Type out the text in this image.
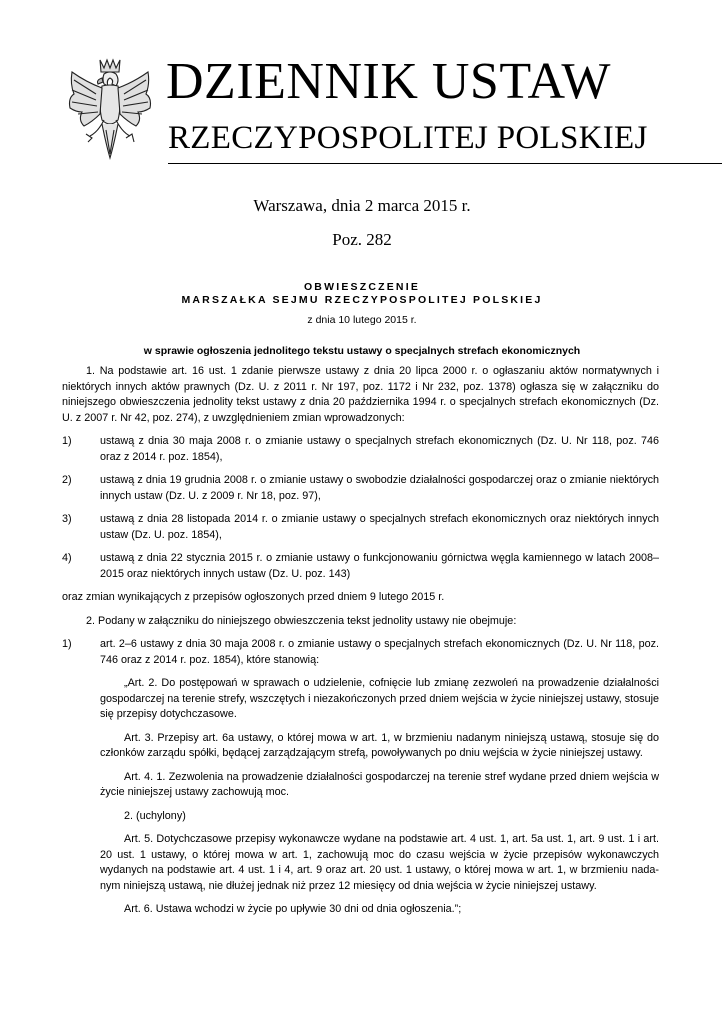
DZIENNIK USTAW
RZECZYPOSPOLITEJ POLSKIEJ
Warszawa, dnia 2 marca 2015 r.
Poz. 282
OBWIESZCZENIE
MARSZAŁKA SEJMU RZECZYPOSPOLITEJ POLSKIEJ
z dnia 10 lutego 2015 r.
w sprawie ogłoszenia jednolitego tekstu ustawy o specjalnych strefach ekonomicznych

1. Na podstawie art. 16 ust. 1 zdanie pierwsze ustawy z dnia 20 lipca 2000 r. o ogłaszaniu aktów normatywnych i niektórych innych aktów prawnych (Dz. U. z 2011 r. Nr 197, poz. 1172 i Nr 232, poz. 1378) ogłasza się w załączniku do niniejszego obwieszczenia jednolity tekst ustawy z dnia 20 października 1994 r. o specjalnych strefach ekonomicznych (Dz. U. z 2007 r. Nr 42, poz. 274), z uwzględnieniem zmian wprowadzonych:

1)	ustawą z dnia 30 maja 2008 r. o zmianie ustawy o specjalnych strefach ekonomicznych (Dz. U. Nr 118, poz. 746 oraz z 2014 r. poz. 1854),

2)	ustawą z dnia 19 grudnia 2008 r. o zmianie ustawy o swobodzie działalności gospodarczej oraz o zmianie niektórych innych ustaw (Dz. U. z 2009 r. Nr 18, poz. 97),

3)	ustawą z dnia 28 listopada 2014 r. o zmianie ustawy o specjalnych strefach ekonomicznych oraz niektórych innych ustaw (Dz. U. poz. 1854),

4)	ustawą z dnia 22 stycznia 2015 r. o zmianie ustawy o funkcjonowaniu górnictwa węgla kamiennego w latach 2008–2015 oraz niektórych innych ustaw (Dz. U. poz. 143)

oraz zmian wynikających z przepisów ogłoszonych przed dniem 9 lutego 2015 r.

2. Podany w załączniku do niniejszego obwieszczenia tekst jednolity ustawy nie obejmuje:

1)	art. 2–6 ustawy z dnia 30 maja 2008 r. o zmianie ustawy o specjalnych strefach ekonomicznych (Dz. U. Nr 118, poz. 746 oraz z 2014 r. poz. 1854), które stanowią:

„Art. 2. Do postępowań w sprawach o udzielenie, cofnięcie lub zmianę zezwoleń na prowadzenie działalności gospodarczej na terenie strefy, wszczętych i niezakończonych przed dniem wejścia w życie niniejszej ustawy, stosuje się przepisy dotychczasowe.

Art. 3. Przepisy art. 6a ustawy, o której mowa w art. 1, w brzmieniu nadanym niniejszą ustawą, stosuje się do członków zarządu spółki, będącej zarządzającym strefą, powoływanych po dniu wejścia w życie niniejszej ustawy.

Art. 4. 1. Zezwolenia na prowadzenie działalności gospodarczej na terenie stref wydane przed dniem wejścia w życie niniejszej ustawy zachowują moc.

2. (uchylony)

Art. 5. Dotychczasowe przepisy wykonawcze wydane na podstawie art. 4 ust. 1, art. 5a ust. 1, art. 9 ust. 1 i art. 20 ust. 1 ustawy, o której mowa w art. 1, zachowują moc do czasu wejścia w życie przepisów wykonawczych wydanych na podstawie art. 4 ust. 1 i 4, art. 9 oraz art. 20 ust. 1 ustawy, o której mowa w art. 1, w brzmieniu nadanym niniejszą ustawą, nie dłużej jednak niż przez 12 miesięcy od dnia wejścia w życie niniejszej ustawy.

Art. 6. Ustawa wchodzi w życie po upływie 30 dni od dnia ogłoszenia.”;
